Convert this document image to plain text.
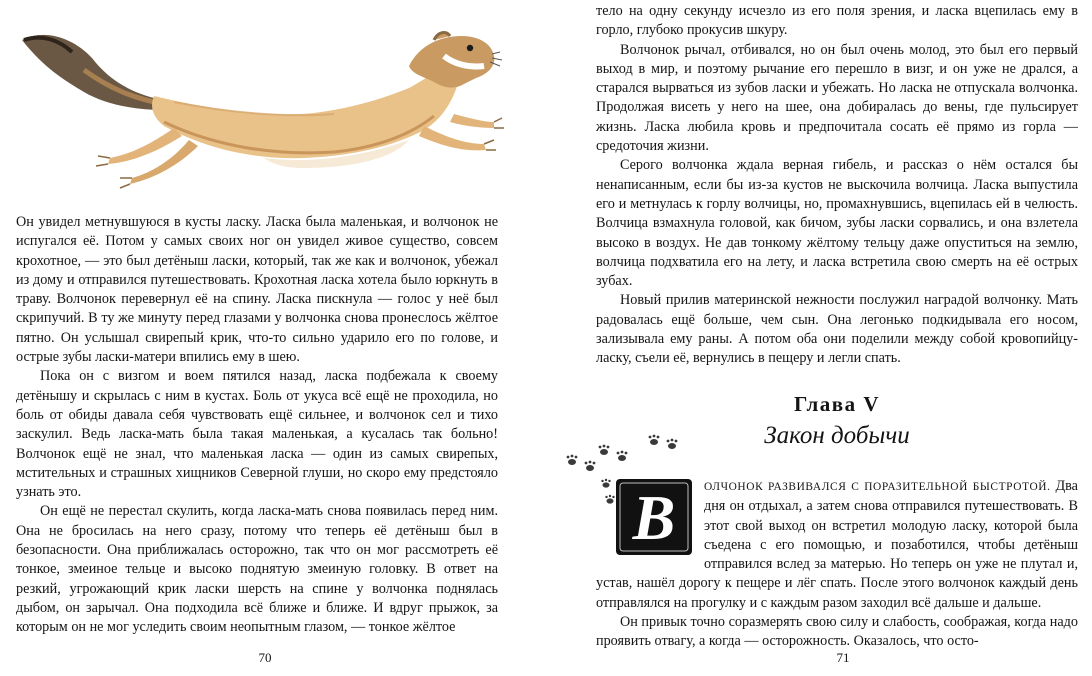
Он увидел метнувшуюся в кусты ласку. Ласка была маленькая, и волчонок не испугался её. Потом у самых своих ног он увидел живое существо, совсем крохотное, — это был детёныш ласки, который, так же как и волчонок, убежал из дому и отправился путешествовать. Крохотная ласка хотела было юркнуть в траву. Волчонок перевернул её на спину. Ласка пискнула — голос у неё был скрипучий. В ту же минуту перед глазами у волчонка снова пронеслось жёлтое пятно. Он услышал свирепый крик, что-то сильно ударило его по голове, и острые зубы ласки-матери впились ему в шею.

Пока он с визгом и воем пятился назад, ласка подбежала к своему детёнышу и скрылась с ним в кустах. Боль от укуса всё ещё не проходила, но боль от обиды давала себя чувствовать ещё сильнее, и волчонок сел и тихо заскулил. Ведь ласка-мать была такая маленькая, а кусалась так больно! Волчонок ещё не знал, что маленькая ласка — один из самых свирепых, мстительных и страшных хищников Северной глуши, но скоро ему предстояло узнать это.

Он ещё не перестал скулить, когда ласка-мать снова появилась перед ним. Она не бросилась на него сразу, потому что теперь её детёныш был в безопасности. Она приближалась осторожно, так что он мог рассмотреть её тонкое, змеиное тельце и высоко поднятую змеиную головку. В ответ на резкий, угрожающий крик ласки шерсть на спине у волчонка поднялась дыбом, он зарычал. Она подходила всё ближе и ближе. И вдруг прыжок, за которым он не мог уследить своим неопытным глазом, — тонкое жёлтое

70

тело на одну секунду исчезло из его поля зрения, и ласка вцепилась ему в горло, глубоко прокусив шкуру.

Волчонок рычал, отбивался, но он был очень молод, это был его первый выход в мир, и поэтому рычание его перешло в визг, и он уже не дрался, а старался вырваться из зубов ласки и убежать. Но ласка не отпускала волчонка. Продолжая висеть у него на шее, она добиралась до вены, где пульсирует жизнь. Ласка любила кровь и предпочитала сосать её прямо из горла — средоточия жизни.

Серого волчонка ждала верная гибель, и рассказ о нём остался бы ненаписанным, если бы из-за кустов не выскочила волчица. Ласка выпустила его и метнулась к горлу волчицы, но, промахнувшись, вцепилась ей в челюсть. Волчица взмахнула головой, как бичом, зубы ласки сорвались, и она взлетела высоко в воздух. Не дав тонкому жёлтому тельцу даже опуститься на землю, волчица подхватила его на лету, и ласка встретила свою смерть на её острых зубах.

Новый прилив материнской нежности послужил наградой волчонку. Мать радовалась ещё больше, чем сын. Она легонько подкидывала его носом, зализывала ему раны. А потом оба они поделили между собой кровопийцу-ласку, съели её, вернулись в пещеру и легли спать.

Глава V
Закон добычи
В	ОЛЧОНОК РАЗВИВАЛСЯ С ПОРАЗИТЕЛЬНОЙ БЫСТРОТОЙ. Два дня он отдыхал, а затем снова отправился путешествовать. В этот свой выход он встретил молодую ласку, которой была съедена с его помощью, и позаботился, чтобы детёныш отправился вслед за матерью. Но теперь он уже не плутал и, устав, нашёл дорогу к пещере и лёг спать. После этого волчонок каждый день отправлялся на прогулку и с каждым разом заходил всё дальше и дальше.

Он привык точно соразмерять свою силу и слабость, соображая, когда надо проявить отвагу, а когда — осторожность. Оказалось, что осто-

71
